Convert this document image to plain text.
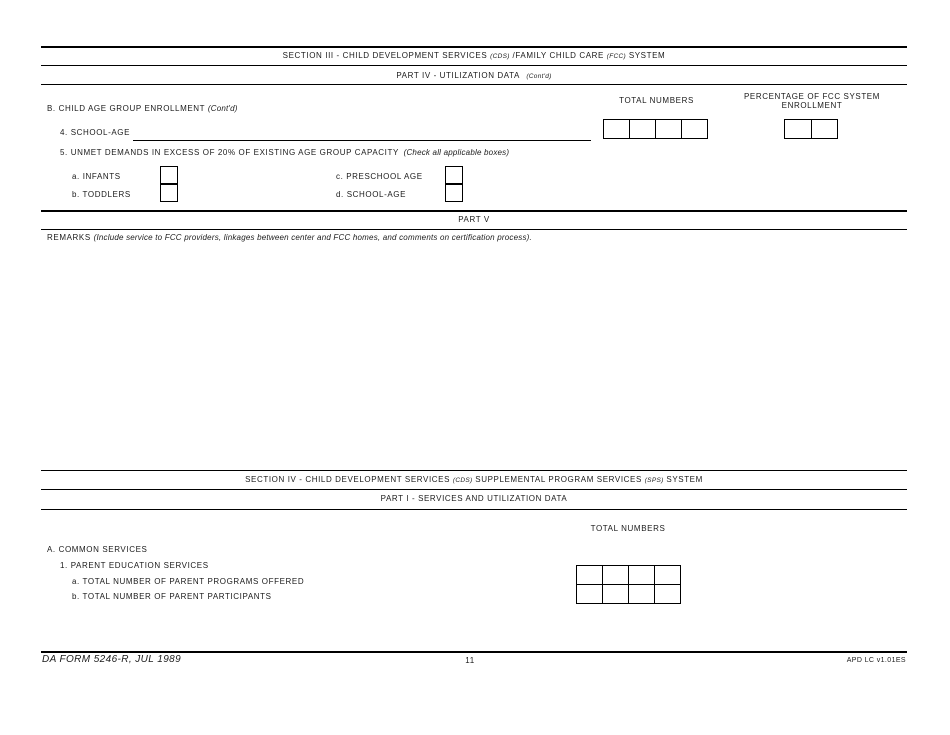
SECTION III - CHILD DEVELOPMENT SERVICES (CDS) /FAMILY CHILD CARE (FCC) SYSTEM
PART IV - UTILIZATION DATA (Cont'd)
B. CHILD AGE GROUP ENROLLMENT (Cont'd)
TOTAL NUMBERS	PERCENTAGE OF FCC SYSTEM
ENROLLMENT
4. SCHOOL-AGE
5. UNMET DEMANDS IN EXCESS OF 20% OF EXISTING AGE GROUP CAPACITY (Check all applicable boxes)
a. INFANTS
b. TODDLERS
c. PRESCHOOL AGE
d. SCHOOL-AGE
PART V
REMARKS (Include service to FCC providers, linkages between center and FCC homes, and comments on certification process).
SECTION IV - CHILD DEVELOPMENT SERVICES (CDS) SUPPLEMENTAL PROGRAM SERVICES (SPS) SYSTEM
PART I - SERVICES AND UTILIZATION DATA
TOTAL NUMBERS
A. COMMON SERVICES
1. PARENT EDUCATION SERVICES
a. TOTAL NUMBER OF PARENT PROGRAMS OFFERED
b. TOTAL NUMBER OF PARENT PARTICIPANTS
DA FORM 5246-R, JUL 1989	11	APD LC v1.01ES
